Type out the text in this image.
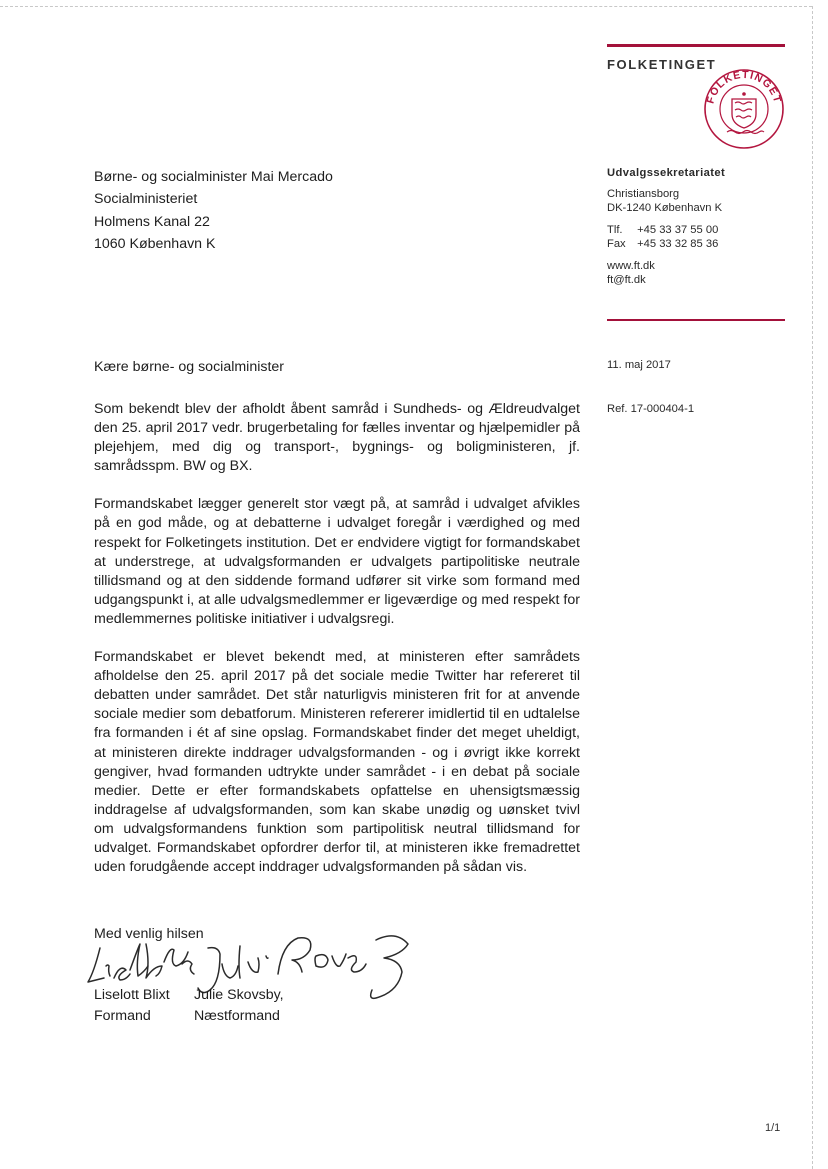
FOLKETINGET
FOLKETINGET
Udvalgssekretariatet
Christiansborg
DK-1240 København K
Tlf. +45 33 37 55 00
Fax +45 33 32 85 36
www.ft.dk
ft@ft.dk
11. maj 2017
Ref. 17-000404-1
Børne- og socialminister Mai Mercado
Socialministeriet
Holmens Kanal 22
1060 København K
Kære børne- og socialminister

Som bekendt blev der afholdt åbent samråd i Sundheds- og Ældreudvalget den 25. april 2017 vedr. brugerbetaling for fælles inventar og hjælpemidler på plejehjem, med dig og transport-, bygnings- og boligministeren, jf. samrådsspm. BW og BX.

Formandskabet lægger generelt stor vægt på, at samråd i udvalget afvikles på en god måde, og at debatterne i udvalget foregår i værdighed og med respekt for Folketingets institution. Det er endvidere vigtigt for formandskabet at understrege, at udvalgsformanden er udvalgets partipolitiske neutrale tillidsmand og at den siddende formand udfører sit virke som formand med udgangspunkt i, at alle udvalgsmedlemmer er ligeværdige og med respekt for medlemmernes politiske initiativer i udvalgsregi.

Formandskabet er blevet bekendt med, at ministeren efter samrådets afholdelse den 25. april 2017 på det sociale medie Twitter har refereret til debatten under samrådet. Det står naturligvis ministeren frit for at anvende sociale medier som debatforum. Ministeren refererer imidlertid til en udtalelse fra formanden i ét af sine opslag. Formandskabet finder det meget uheldigt, at ministeren direkte inddrager udvalgsformanden - og i øvrigt ikke korrekt gengiver, hvad formanden udtrykte under samrådet - i en debat på sociale medier. Dette er efter formandskabets opfattelse en uhensigtsmæssig inddragelse af udvalgsformanden, som kan skabe unødig og uønsket tvivl om udvalgsformandens funktion som partipolitisk neutral tillidsmand for udvalget. Formandskabet opfordrer derfor til, at ministeren ikke fremadrettet uden forudgående accept inddrager udvalgsformanden på sådan vis.

Med venlig hilsen
Liselott Blixt
Formand
Julie Skovsby,
Næstformand
1/1
